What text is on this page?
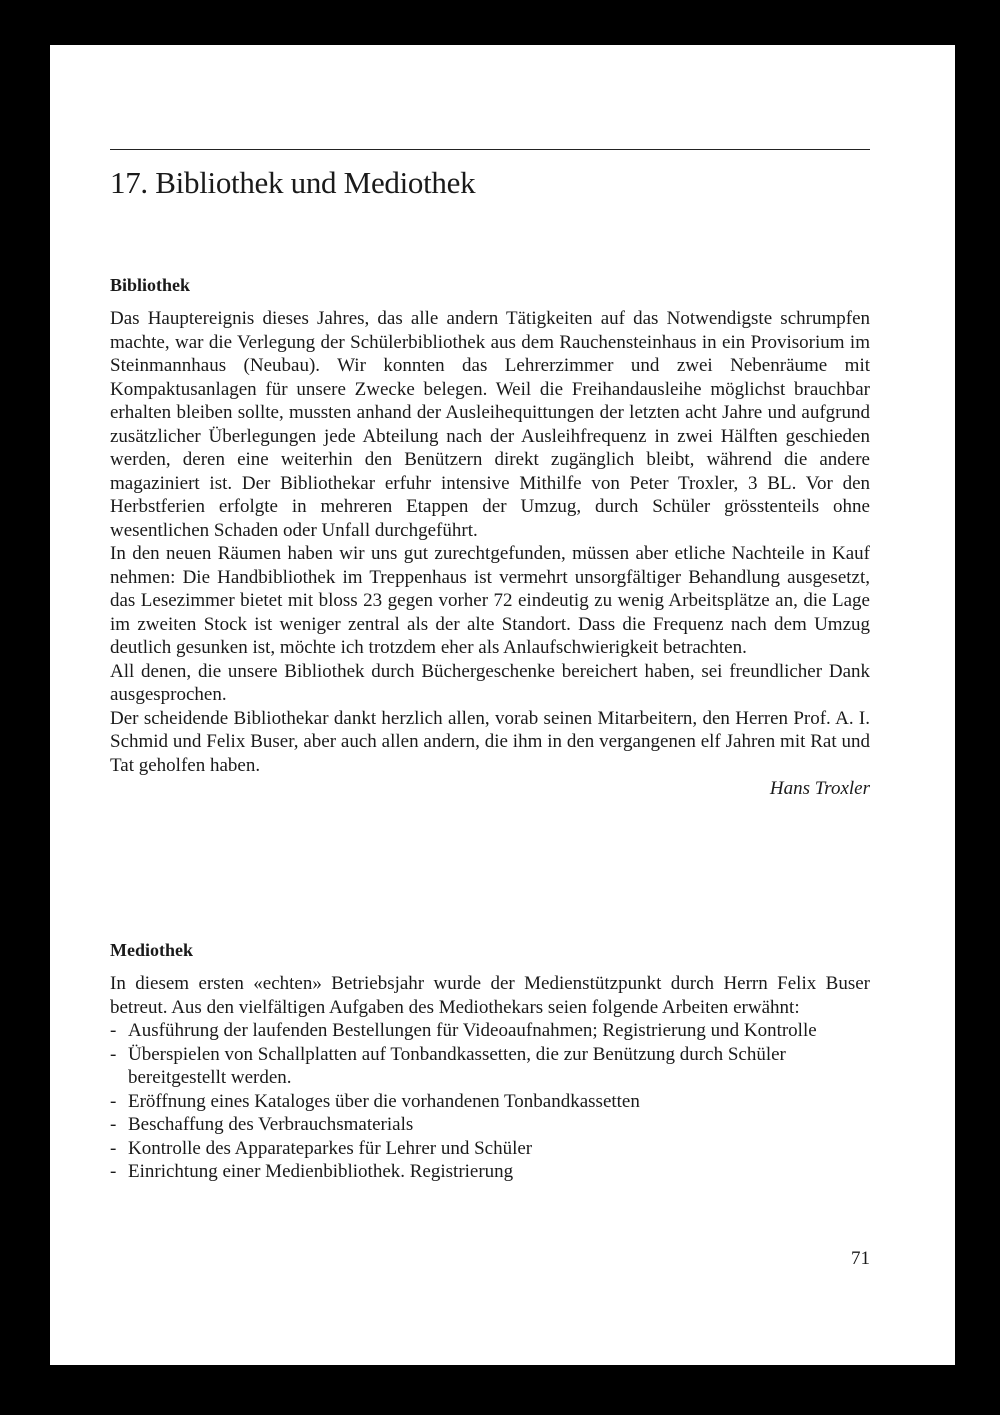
17. Bibliothek und Mediothek
Bibliothek

Das Hauptereignis dieses Jahres, das alle andern Tätigkeiten auf das Notwendigste schrumpfen machte, war die Verlegung der Schülerbibliothek aus dem Rauchensteinhaus in ein Provisorium im Steinmannhaus (Neubau). Wir konnten das Lehrerzimmer und zwei Nebenräume mit Kompaktusanlagen für unsere Zwecke belegen. Weil die Freihandausleihe möglichst brauchbar erhalten bleiben sollte, mussten anhand der Ausleihequittungen der letzten acht Jahre und aufgrund zusätzlicher Überlegungen jede Abteilung nach der Ausleihfrequenz in zwei Hälften geschieden werden, deren eine weiterhin den Benützern direkt zugänglich bleibt, während die andere magaziniert ist. Der Bibliothekar erfuhr intensive Mithilfe von Peter Troxler, 3 BL. Vor den Herbstferien erfolgte in mehreren Etappen der Umzug, durch Schüler grösstenteils ohne wesentlichen Schaden oder Unfall durchgeführt.

In den neuen Räumen haben wir uns gut zurechtgefunden, müssen aber etliche Nachteile in Kauf nehmen: Die Handbibliothek im Treppenhaus ist vermehrt unsorgfältiger Behandlung ausgesetzt, das Lesezimmer bietet mit bloss 23 gegen vorher 72 eindeutig zu wenig Arbeitsplätze an, die Lage im zweiten Stock ist weniger zentral als der alte Standort. Dass die Frequenz nach dem Umzug deutlich gesunken ist, möchte ich trotzdem eher als Anlaufschwierigkeit betrachten.

All denen, die unsere Bibliothek durch Büchergeschenke bereichert haben, sei freundlicher Dank ausgesprochen.

Der scheidende Bibliothekar dankt herzlich allen, vorab seinen Mitarbeitern, den Herren Prof. A. I. Schmid und Felix Buser, aber auch allen andern, die ihm in den vergangenen elf Jahren mit Rat und Tat geholfen haben.

Hans Troxler

Mediothek

In diesem ersten «echten» Betriebsjahr wurde der Medienstützpunkt durch Herrn Felix Buser betreut. Aus den vielfältigen Aufgaben des Mediothekars seien folgende Arbeiten erwähnt:

- Ausführung der laufenden Bestellungen für Videoaufnahmen; Registrierung und Kontrolle
- Überspielen von Schallplatten auf Tonbandkassetten, die zur Benützung durch Schüler bereitgestellt werden.
- Eröffnung eines Kataloges über die vorhandenen Tonbandkassetten
- Beschaffung des Verbrauchsmaterials
- Kontrolle des Apparateparkes für Lehrer und Schüler
- Einrichtung einer Medienbibliothek. Registrierung
71
